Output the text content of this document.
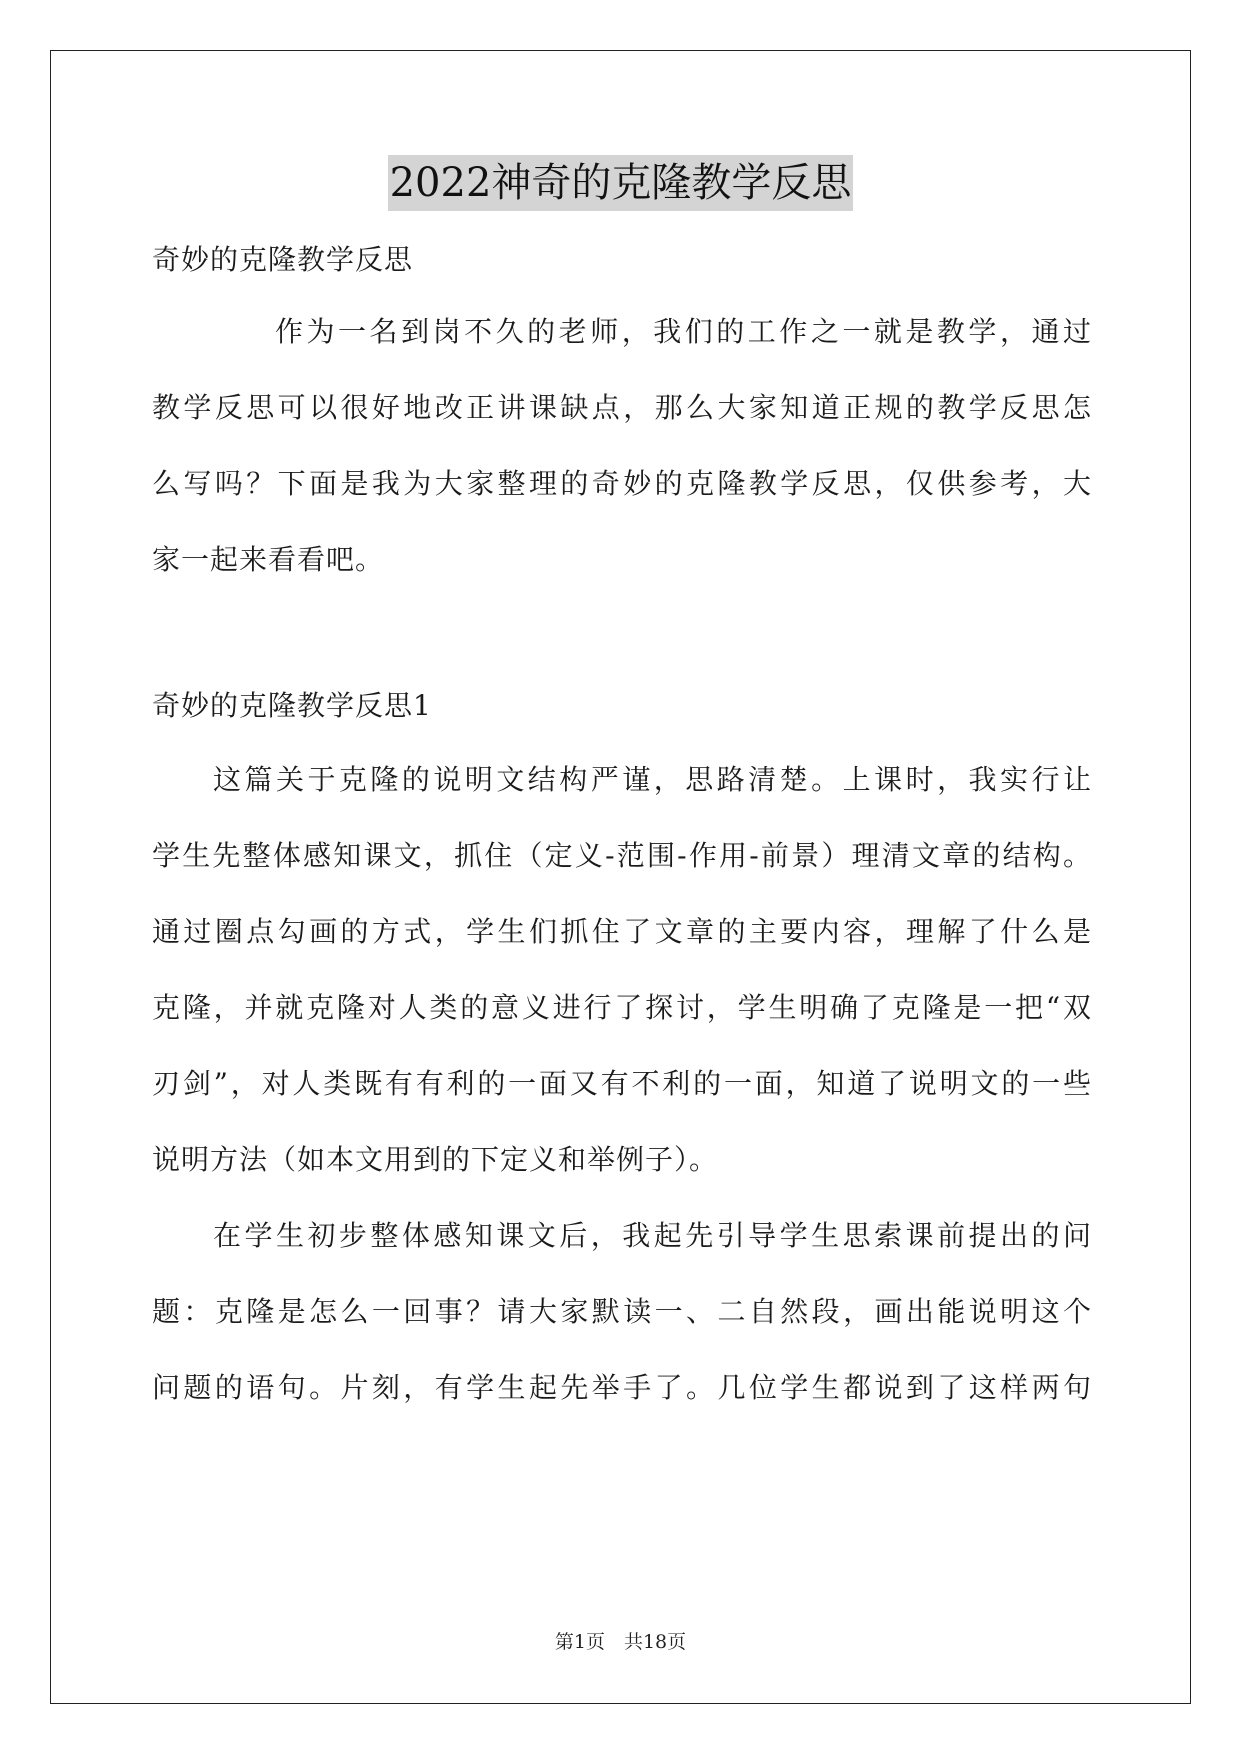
2022神奇的克隆教学反思
奇妙的克隆教学反思
作为一名到岗不久的老师，我们的工作之一就是教学，通过
教学反思可以很好地改正讲课缺点，那么大家知道正规的教学反思怎
么写吗？下面是我为大家整理的奇妙的克隆教学反思，仅供参考，大
家一起来看看吧。
奇妙的克隆教学反思1
这篇关于克隆的说明文结构严谨，思路清楚。上课时，我实行让
学生先整体感知课文，抓住（定义-范围-作用-前景）理清文章的结构。
通过圈点勾画的方式，学生们抓住了文章的主要内容，理解了什么是
克隆，并就克隆对人类的意义进行了探讨，学生明确了克隆是一把“双
刃剑”，对人类既有有利的一面又有不利的一面，知道了说明文的一些
说明方法（如本文用到的下定义和举例子）。
在学生初步整体感知课文后，我起先引导学生思索课前提出的问
题：克隆是怎么一回事？请大家默读一、二自然段，画出能说明这个
问题的语句。片刻，有学生起先举手了。几位学生都说到了这样两句
第1页　共18页
